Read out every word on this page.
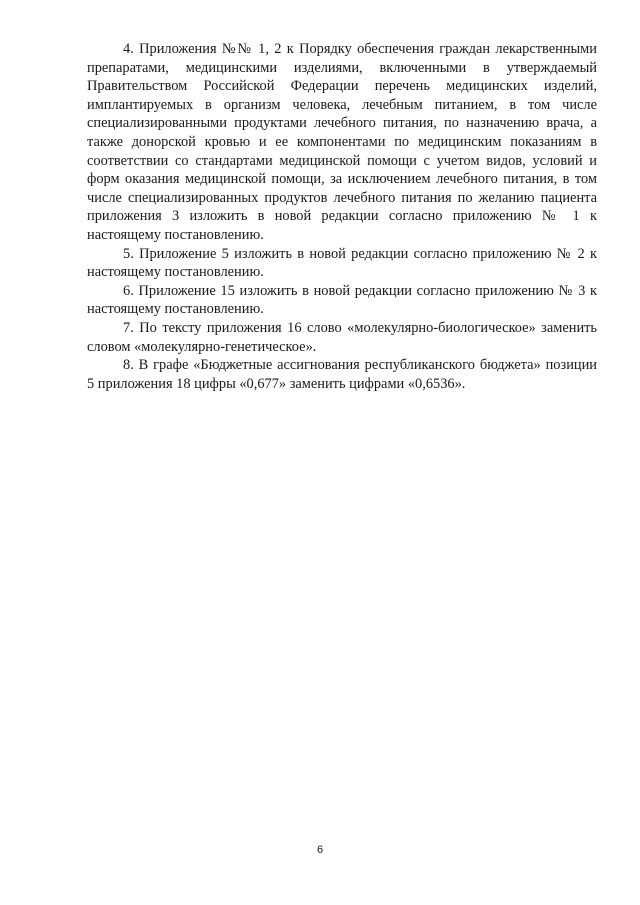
4. Приложения №№ 1, 2 к Порядку обеспечения граждан лекарственными препаратами, медицинскими изделиями, включенными в утверждаемый Правительством Российской Федерации перечень медицинских изделий, имплантируемых в организм человека, лечебным питанием, в том числе специализированными продуктами лечебного питания, по назначению врача, а также донорской кровью и ее компонентами по медицинским показаниям в соответствии со стандартами медицинской помощи с учетом видов, условий и форм оказания медицинской помощи, за исключением лечебного питания, в том числе специализированных продуктов лечебного питания по желанию пациента приложения 3 изложить в новой редакции согласно приложению № 1 к настоящему постановлению.

5. Приложение 5 изложить в новой редакции согласно приложению № 2 к настоящему постановлению.

6. Приложение 15 изложить в новой редакции согласно приложению № 3 к настоящему постановлению.

7. По тексту приложения 16 слово «молекулярно-биологическое» заменить словом «молекулярно-генетическое».

8. В графе «Бюджетные ассигнования республиканского бюджета» позиции 5 приложения 18 цифры «0,677» заменить цифрами «0,6536».

6
